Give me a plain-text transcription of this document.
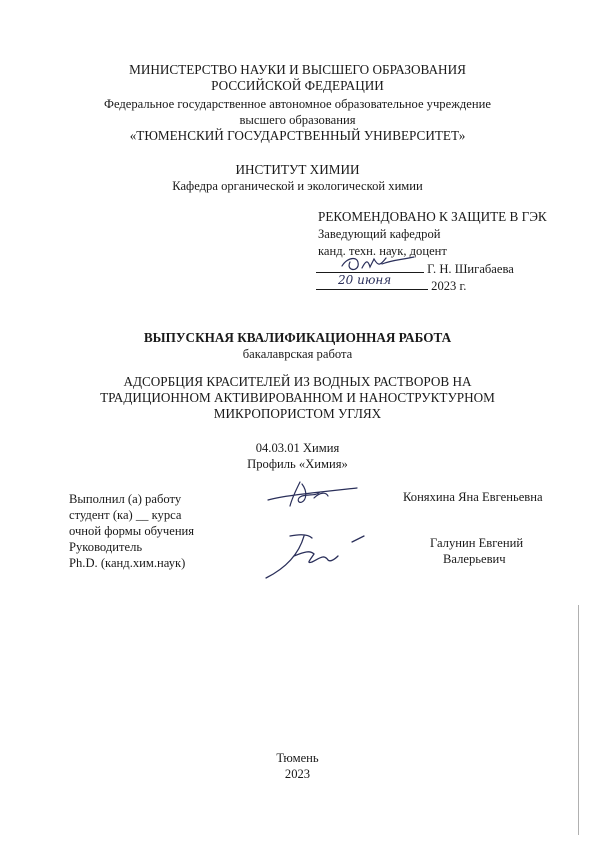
МИНИСТЕРСТВО НАУКИ И ВЫСШЕГО ОБРАЗОВАНИЯ
РОССИЙСКОЙ ФЕДЕРАЦИИ
Федеральное государственное автономное образовательное учреждение
высшего образования
«ТЮМЕНСКИЙ ГОСУДАРСТВЕННЫЙ УНИВЕРСИТЕТ»
ИНСТИТУТ ХИМИИ
Кафедра органической и экологической химии
РЕКОМЕНДОВАНО К ЗАЩИТЕ В ГЭК
Заведующий кафедрой
канд. техн. наук, доцент
Г. Н. Шигабаева
20 июня	2023 г.
ВЫПУСКНАЯ КВАЛИФИКАЦИОННАЯ РАБОТА
бакалаврская работа
АДСОРБЦИЯ КРАСИТЕЛЕЙ ИЗ ВОДНЫХ РАСТВОРОВ НА
ТРАДИЦИОННОМ АКТИВИРОВАННОМ И НАНОСТРУКТУРНОМ
МИКРОПОРИСТОМ УГЛЯХ
04.03.01 Химия
Профиль «Химия»
Выполнил (а) работу
студент (ка) __ курса
очной формы обучения
Коняхина Яна Евгеньевна
Руководитель
Ph.D. (канд.хим.наук)
Галунин Евгений
Валерьевич
Тюмень
2023
